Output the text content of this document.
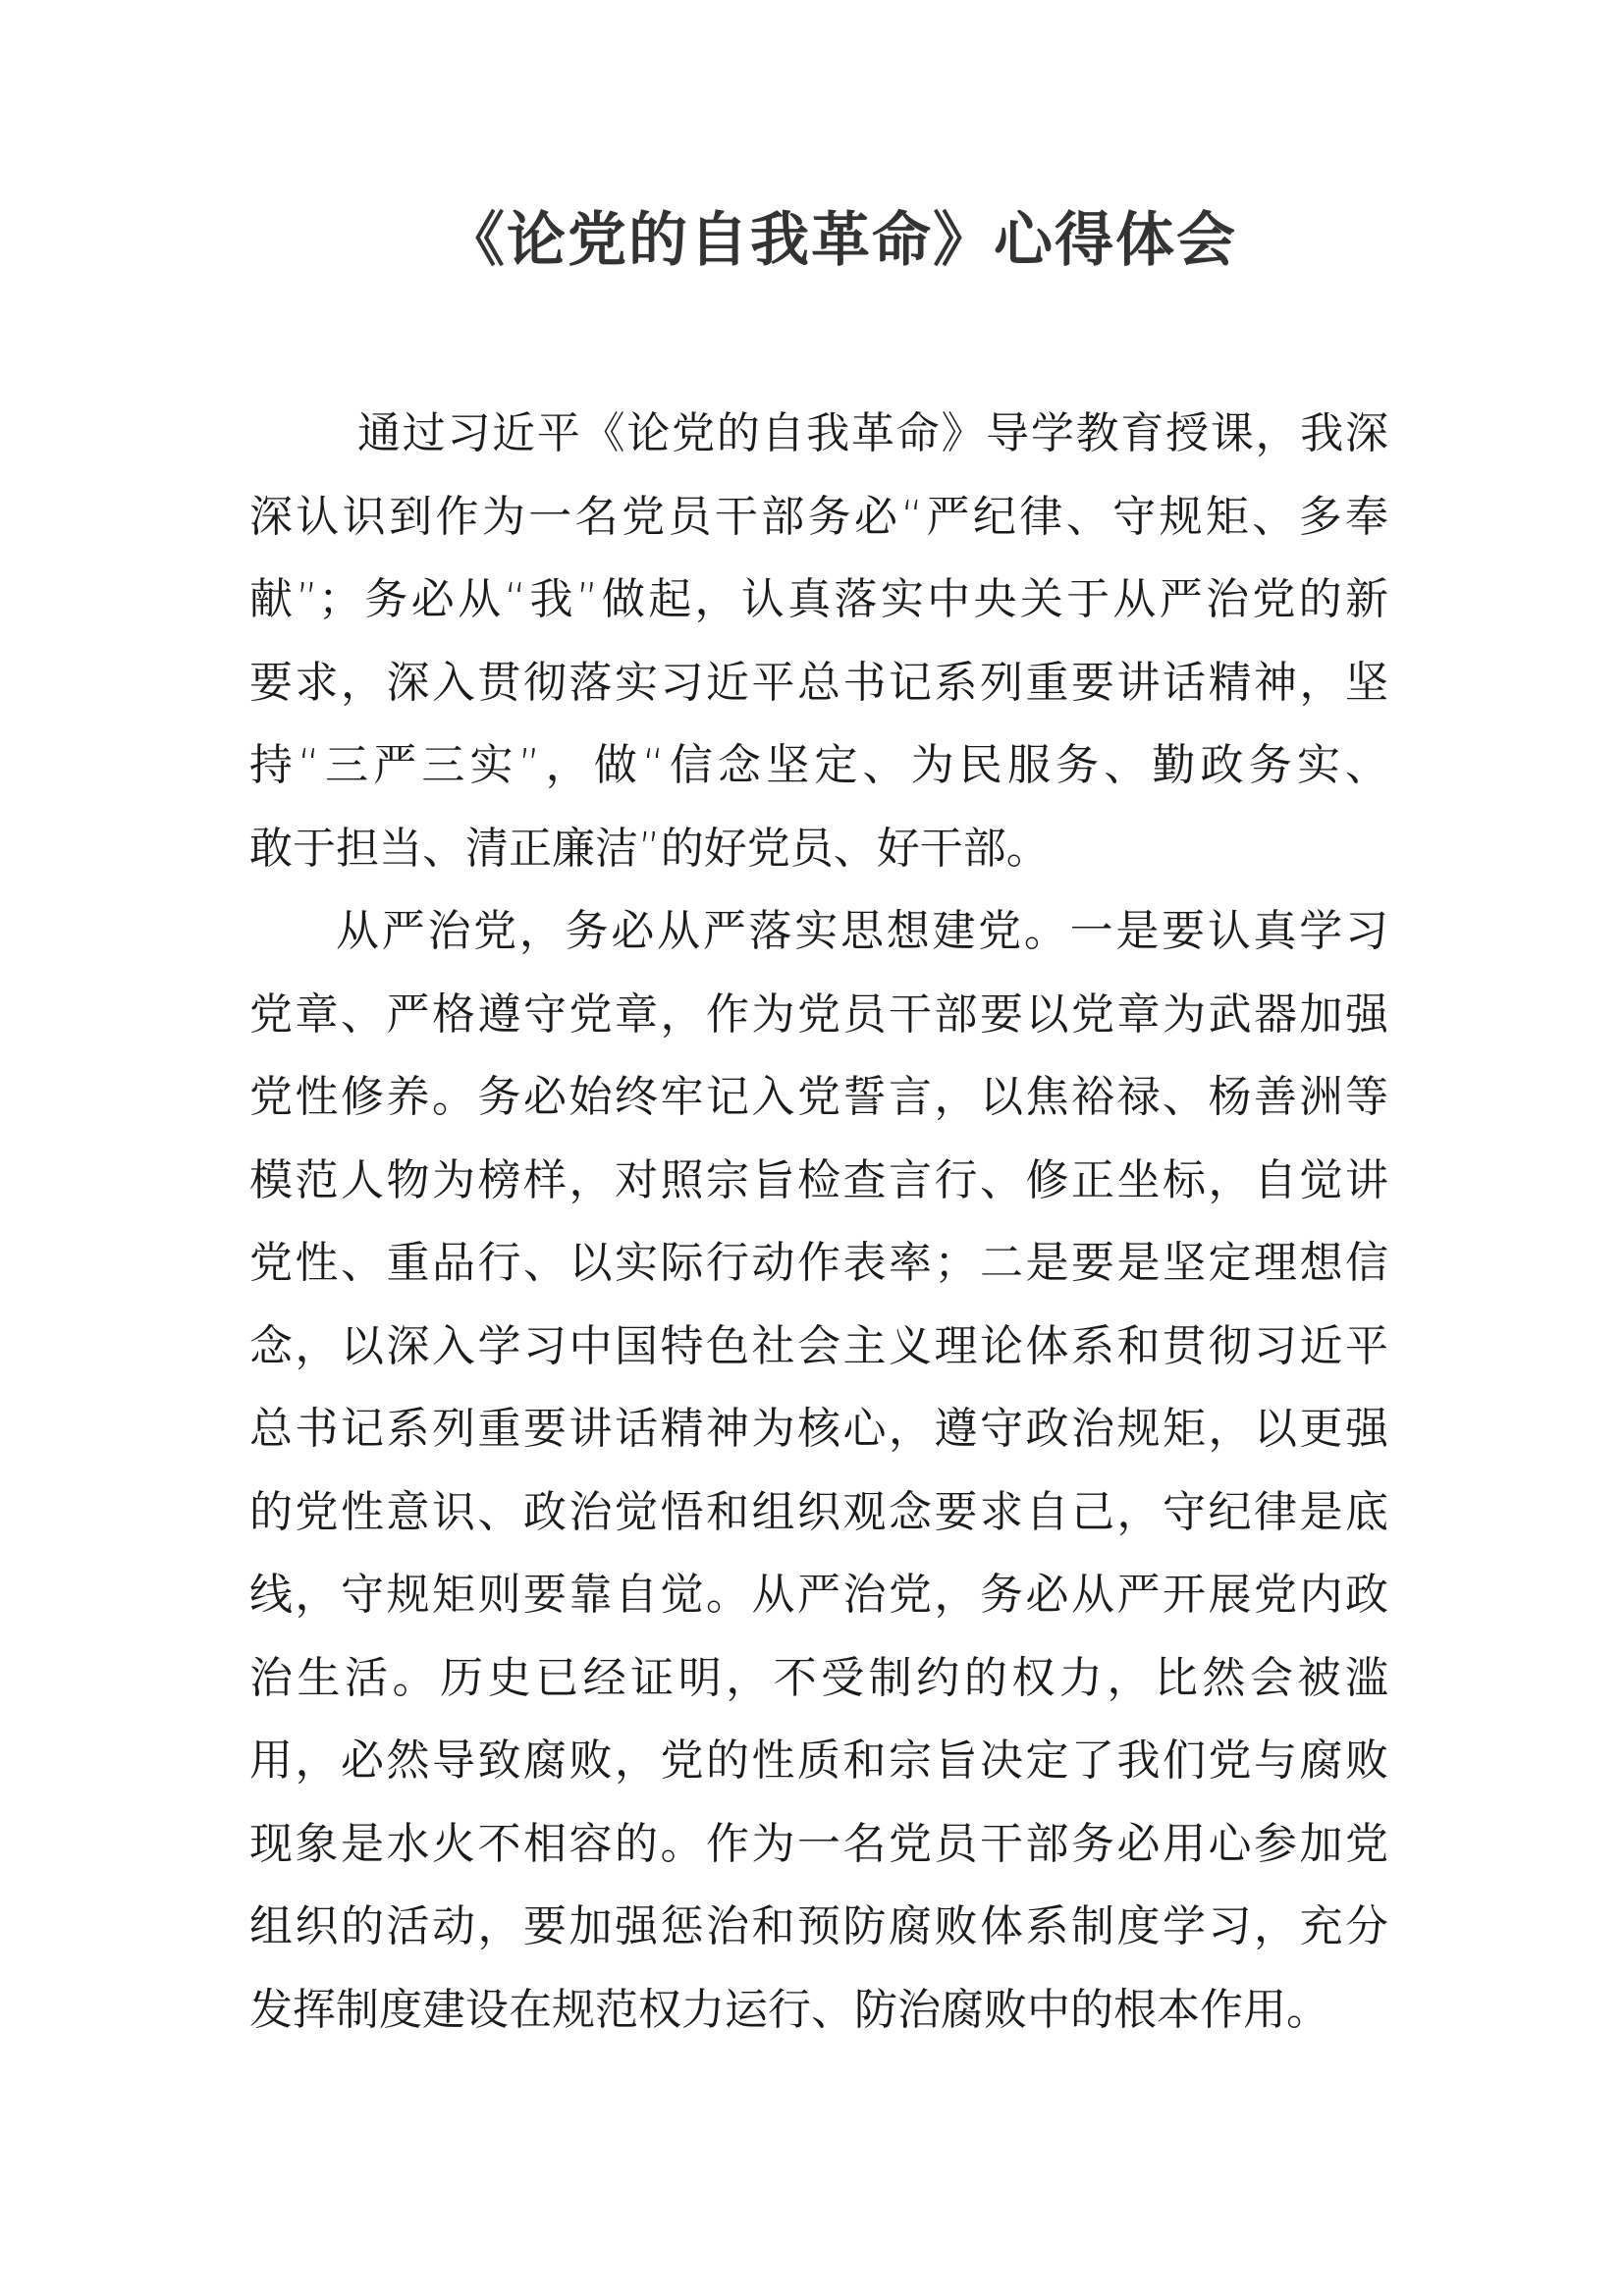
《论党的自我革命》心得体会
通过习近平《论党的自我革命》导学教育授课，我深
深认识到作为一名党员干部务必“严纪律、守规矩、多奉
献”；务必从“我”做起，认真落实中央关于从严治党的新
要求，深入贯彻落实习近平总书记系列重要讲话精神，坚
持“三严三实”，做“信念坚定、为民服务、勤政务实、
敢于担当、清正廉洁”的好党员、好干部。
从严治党，务必从严落实思想建党。一是要认真学习
党章、严格遵守党章，作为党员干部要以党章为武器加强
党性修养。务必始终牢记入党誓言，以焦裕禄、杨善洲等
模范人物为榜样，对照宗旨检查言行、修正坐标，自觉讲
党性、重品行、以实际行动作表率；二是要是坚定理想信
念，以深入学习中国特色社会主义理论体系和贯彻习近平
总书记系列重要讲话精神为核心，遵守政治规矩，以更强
的党性意识、政治觉悟和组织观念要求自己，守纪律是底
线，守规矩则要靠自觉。从严治党，务必从严开展党内政
治生活。历史已经证明，不受制约的权力，比然会被滥
用，必然导致腐败，党的性质和宗旨决定了我们党与腐败
现象是水火不相容的。作为一名党员干部务必用心参加党
组织的活动，要加强惩治和预防腐败体系制度学习，充分
发挥制度建设在规范权力运行、防治腐败中的根本作用。
